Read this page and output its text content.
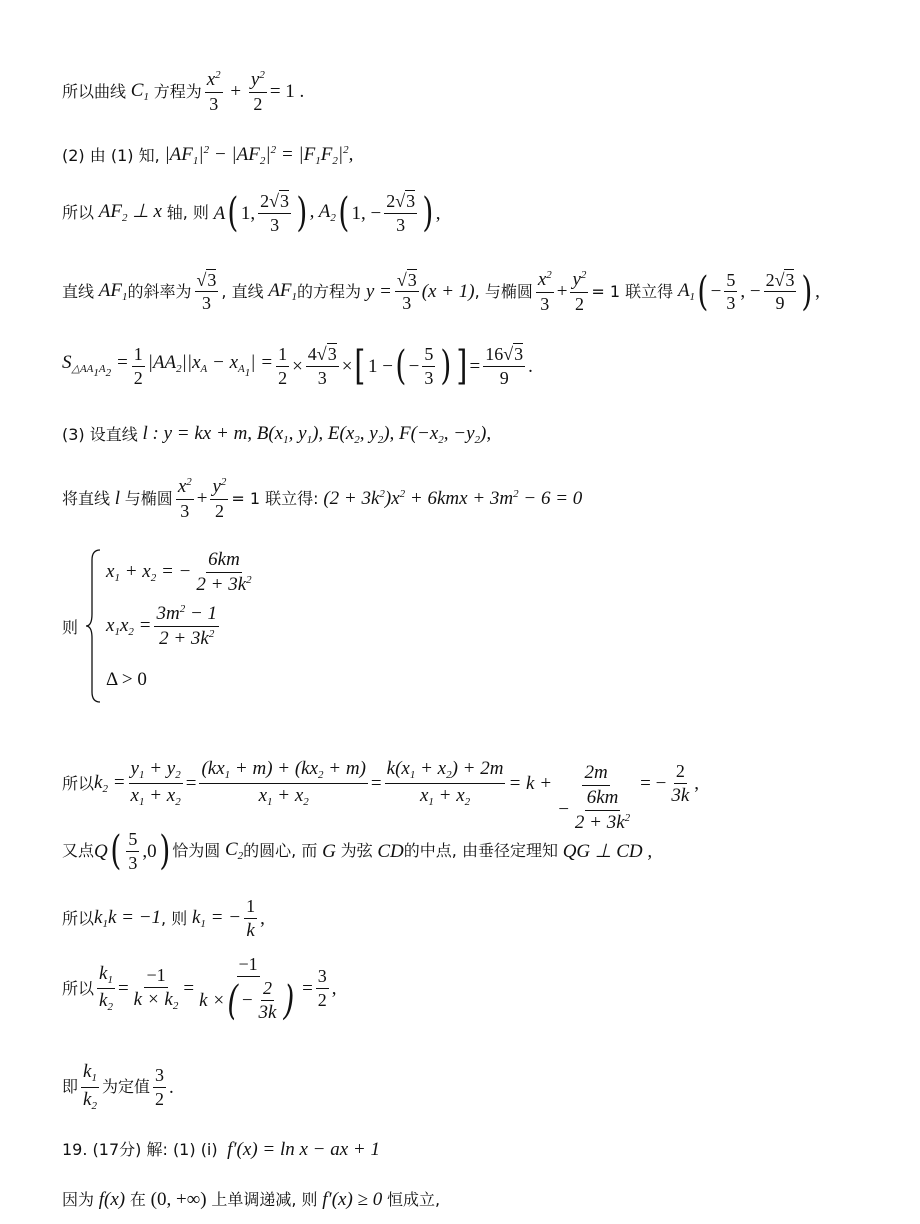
所以曲线 $C_1$ 方程为 $\frac{x^2}{3} + \frac{y^2}{2} = 1$ .
(2) 由 (1) 知, $|AF_1|^2 - |AF_2|^2 = |F_1F_2|^2$,
所以 $AF_2$ ⊥ x 轴, 则 A ( 1, $\frac{2√3}{3}$ ) , $A_2$ ( 1, − $\frac{2√3}{3}$ ) ,
直线 $AF_1$ 的斜率为 $\frac{√3}{3}$ , 直线 $AF_1$ 的方程为 $y = \frac{√3}{3} (x + 1)$ , 与椭圆 $\frac{x^2}{3} + \frac{y^2}{2} = 1$ 联立得 $A_1$ ( − $\frac{5}{3}$ , − $\frac{2√3}{9}$ ) ,
$S_{\triangle AA_1A_2} = \frac{1}{2} |AA_2||x_A - x_{A_1}| = \frac{1}{2} \times \frac{4√3}{3}$ × [ 1 − ( − $\frac{5}{3}$ ) ] = $\frac{16√3}{9}$ .
(3) 设直线 l : y = kx + m, $B(x_1$, $y_1$), $E(x_2$, $y_2$), $F(-x_2$, $-y_2$),
将直线 l 与椭圆 $\frac{x^2}{3} + \frac{y^2}{2} = 1$ 联立得: $(2 + 3k^2)x^2 + 6kmx + 3m^2 - 6 = 0$
则
$x_1 + x_2$ = − $\frac{6km}{2 + 3k^2}$
$x_1x_2 = \frac{3m^2 - 1}{2 + 3k^2}$
Δ > 0
所以 $k_2 = \frac{y_1 + y_2}{x_1 + x_2} = \frac{(kx_1 + m) + (kx_2 + m)}{x_1 + x_2} = \frac{k(x_1 + x_2) + 2m}{x_1 + x_2} = k + \frac{2m}{- \frac{6km}{2 + 3k^2}}$ = − $\frac{2}{3k}$ ,
又点 Q ( $\frac{5}{3} ,0$ ) 恰为圆 $C_2$ 的圆心, 而 G 为弦 CD 的中点, 由垂径定理知 QG ⊥ CD ,
所以 $k_1k = -1$ , 则 $k_1$ = − $\frac{1}{k}$ ,
所以 $\frac{k_1}{k_2} = \frac{-1}{k \times k_2} = \frac{-1}{k \times ( - \frac{2}{3k} )} = \frac{3}{2}$ ,
即 $\frac{k_1}{k_2}$ 为定值 $\frac{3}{2}$ .
19. (17分) 解: (1) (i) f′(x) = ln x − ax + 1
因为 f(x) 在 (0, +∞) 上单调递减, 则 f′(x) ≥ 0 恒成立,
